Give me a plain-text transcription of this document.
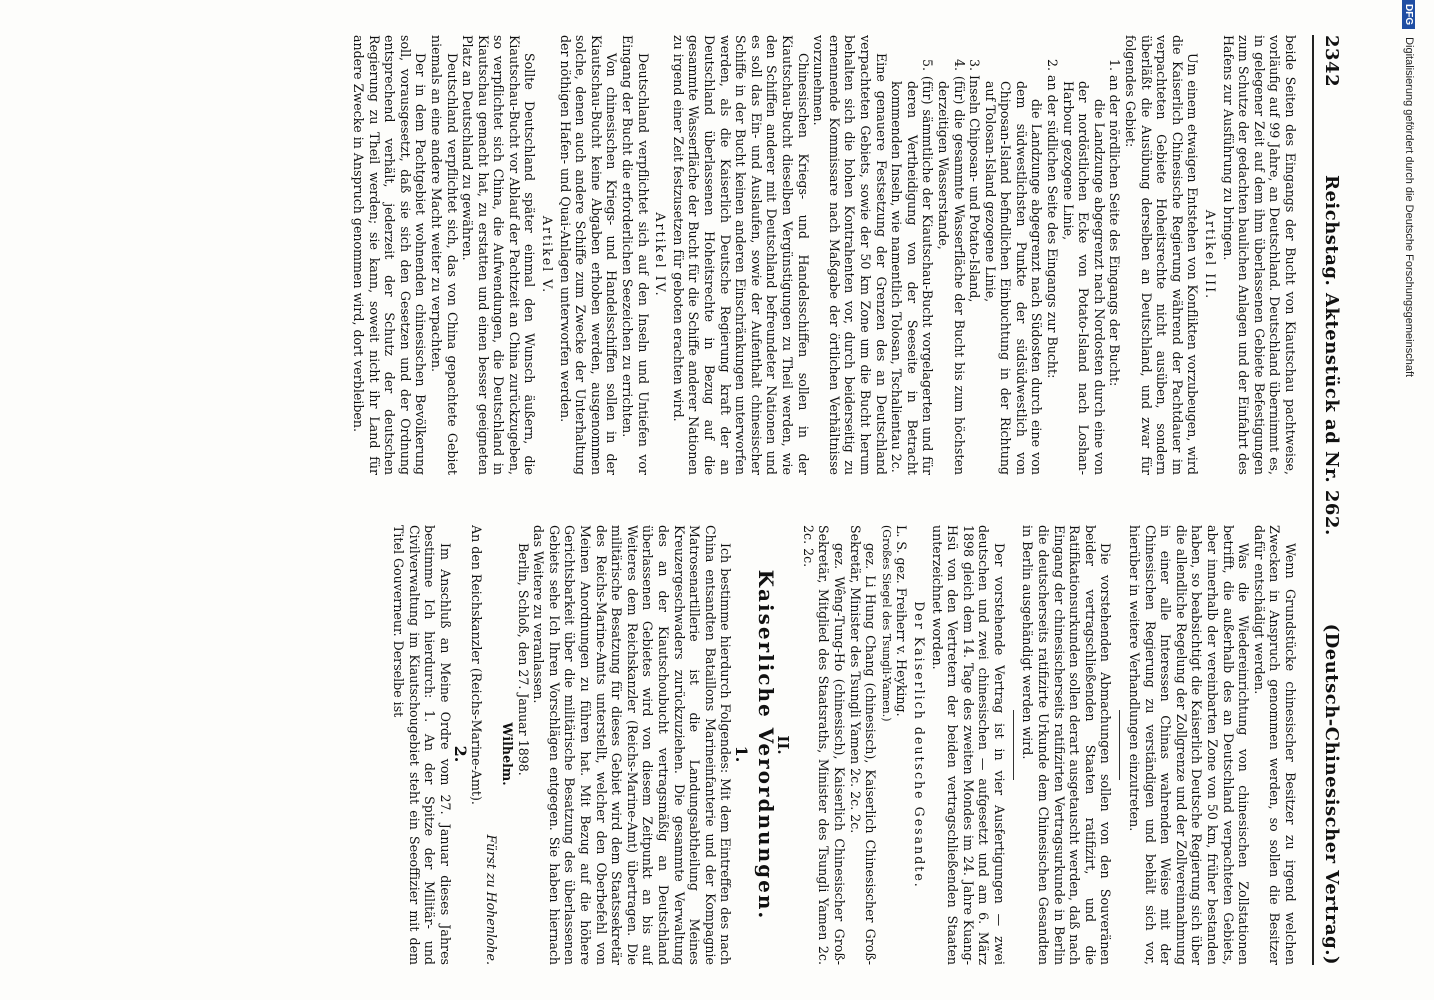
2342
Reichstag. Aktenstück ad Nr. 262.
(Deutsch-Chinesischer Vertrag.)

beide Seiten des Eingangs der Bucht von Kiautschau pachtweise, vorläufig auf 99 Jahre, an Deutschland. Deutschland übernimmt es, in gelegener Zeit auf dem ihm überlassenen Gebiete Befestigungen zum Schutze der gedachten baulichen Anlagen und der Einfahrt des Hafens zur Ausführung zu bringen.

Artikel III.

Um einem etwaigen Entstehen von Konflikten vorzubeugen, wird die Kaiserlich Chinesische Regierung während der Pachtdauer im verpachteten Gebiete Hoheitsrechte nicht ausüben, sondern überläßt die Ausübung derselben an Deutschland, und zwar für folgendes Gebiet:

1. an der nördlichen Seite des Eingangs der Bucht:

die Landzunge abgegrenzt nach Nordosten durch eine von der nordöstlichen Ecke von Potato-Island nach Loshan-Harbour gezogene Linie,

2. an der südlichen Seite des Eingangs zur Bucht:

die Landzunge abgegrenzt nach Südosten durch eine von dem südwestlichsten Punkte der südsüdwestlich von Chiposan-Island befindlichen Einbuchtung in der Richtung auf Tolosan-Island gezogene Linie,

3. Inseln Chiposan- und Potato-Island,

4. (für) die gesammte Wasserfläche der Bucht bis zum höchsten derzeitigen Wasserstande,

5. (für) sämmtliche der Kiautschau-Bucht vorgelagerten und für deren Vertheidigung von der Seeseite in Betracht kommenden Inseln, wie namentlich Tolosan, Tschalientau 2c.

Eine genauere Festsetzung der Grenzen des an Deutschland verpachteten Gebiets, sowie der 50 km Zone um die Bucht herum behalten sich die hohen Kontrahenten vor, durch beiderseitig zu ernennende Kommissare nach Maßgabe der örtlichen Verhältnisse vorzunehmen.

Chinesischen Kriegs- und Handelsschiffen sollen in der Kiautschau-Bucht dieselben Vergünstigungen zu Theil werden, wie den Schiffen anderer mit Deutschland befreundeter Nationen und es soll das Ein- und Auslaufen, sowie der Aufenthalt chinesischer Schiffe in der Bucht keinen anderen Einschränkungen unterworfen werden, als die Kaiserlich Deutsche Regierung kraft der an Deutschland überlassenen Hoheitsrechte in Bezug auf die gesammte Wasserfläche der Bucht für die Schiffe anderer Nationen zu irgend einer Zeit festzusetzen für geboten erachten wird.

Artikel IV.

Deutschland verpflichtet sich auf den Inseln und Untiefen vor Eingang der Bucht die erforderlichen Seezeichen zu errichten.

Von chinesischen Kriegs- und Handelsschiffen sollen in der Kiautschau-Bucht keine Abgaben erhoben werden, ausgenommen solche, denen auch andere Schiffe zum Zwecke der Unterhaltung der nöthigen Hafen- und Quai-Anlagen unterworfen werden.

Artikel V.

Sollte Deutschland später einmal den Wunsch äußern, die Kiautschau-Bucht vor Ablauf der Pachtzeit an China zurückzugeben, so verpflichtet sich China, die Aufwendungen, die Deutschland in Kiautschau gemacht hat, zu erstatten und einen besser geeigneten Platz an Deutschland zu gewähren.

Deutschland verpflichtet sich, das von China gepachtete Gebiet niemals an eine andere Macht weiter zu verpachten.

Der in dem Pachtgebiet wohnenden chinesischen Bevölkerung soll, vorausgesetzt, daß sie sich den Gesetzen und der Ordnung entsprechend verhält, jederzeit der Schutz der deutschen Regierung zu Theil werden; sie kann, soweit nicht ihr Land für andere Zwecke in Anspruch genommen wird, dort verbleiben.

Wenn Grundstücke chinesischer Besitzer zu irgend welchen Zwecken in Anspruch genommen werden, so sollen die Besitzer dafür entschädigt werden.

Was die Wiedereinrichtung von chinesischen Zollstationen betrifft, die außerhalb des an Deutschland verpachteten Gebiets, aber innerhalb der vereinbarten Zone von 50 km, früher bestanden haben, so beabsichtigt die Kaiserlich Deutsche Regierung sich über die allendliche Regelung der Zollgrenze und der Zollvereinnahmung in einer alle Interessen Chinas wahrenden Weise mit der Chinesischen Regierung zu verständigen und behält sich vor, hierüber in weitere Verhandlungen einzutreten.

Die vorstehenden Abmachungen sollen von den Souveränen beider vertragschließenden Staaten ratifizirt, und die Ratifikationsurkunden sollen derart ausgetauscht werden, daß nach Eingang der chinesischerseits ratifizirten Vertragsurkunde in Berlin die deutscherseits ratifizirte Urkunde dem Chinesischen Gesandten in Berlin ausgehändigt werden wird.

Der vorstehende Vertrag ist in vier Ausfertigungen — zwei deutschen und zwei chinesischen — aufgesetzt und am 6. März 1898 gleich dem 14. Tage des zweiten Mondes im 24. Jahre Kuang-Hsü von den Vertretern der beiden vertragschließenden Staaten unterzeichnet worden.

Der Kaiserlich deutsche Gesandte.

L. S. gez. Freiherr v. Heyking.

(Großes Siegel des Tsungli-Yamen.)

gez. Li Hung Chang (chinesisch), Kaiserlich Chinesischer Groß-Sekretär, Minister des Tsungli Yamen 2c. 2c. 2c.

gez. Wêng-Tung-Ho (chinesisch), Kaiserlich Chinesischer Groß-Sekretär, Mitglied des Staatsraths, Minister des Tsungli Yamen 2c. 2c. 2c.

II.
Kaiserliche Verordnungen.

1.

Ich bestimme hierdurch Folgendes: Mit dem Eintreffen des nach China entsandten Bataillons Marineinfanterie und der Kompagnie Matrosenartillerie ist die Landungsabtheilung Meines Kreuzergeschwaders zurückzuziehen. Die gesammte Verwaltung des an der Kiautschoubucht vertragsmäßig an Deutschland überlassenen Gebietes wird von diesem Zeitpunkt an bis auf Weiteres dem Reichskanzler (Reichs-Marine-Amt) übertragen. Die militärische Besatzung für dieses Gebiet wird dem Staatssekretär des Reichs-Marine-Amts unterstellt, welcher den Oberbefehl von Meinen Anordnungen zu führen hat. Mit Bezug auf die höhere Gerichtsbarkeit über die militärische Besatzung des überlassenen Gebiets sehe Ich Ihren Vorschlägen entgegen. Sie haben hiernach das Weitere zu veranlassen.

Berlin, Schloß, den 27. Januar 1898.

Wilhelm.

Fürst zu Hohenlohe.

An den Reichskanzler (Reichs-Marine-Amt).

2.

Im Anschluß an Meine Ordre vom 27. Januar dieses Jahres bestimme Ich hierdurch: 1. An der Spitze der Militär- und Civilverwaltung im Kiautschougebiet steht ein Seeoffizier mit dem Titel Gouverneur. Derselbe ist

DFG
Digitalisierung gefördert durch die Deutsche Forschungsgemeinschaft
